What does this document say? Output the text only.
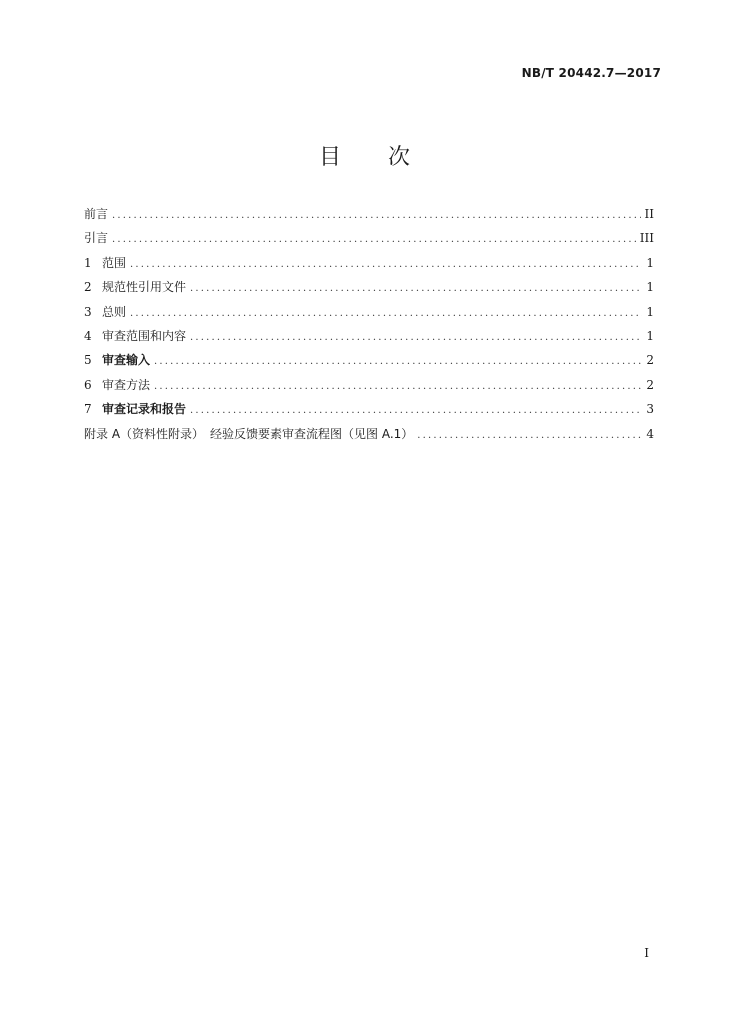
NB/T 20442.7—2017
目 次
前言 .....	II
引言 .....	III
1 范围 .....	1
2 规范性引用文件 .....	1
3 总则 .....	1
4 审查范围和内容 .....	1
5 审查输入 .....	2
6 审查方法 .....	2
7 审查记录和报告 .....	3
附录 A（资料性附录）　经验反馈要素审查流程图（见图 A.1） .....	4
I
